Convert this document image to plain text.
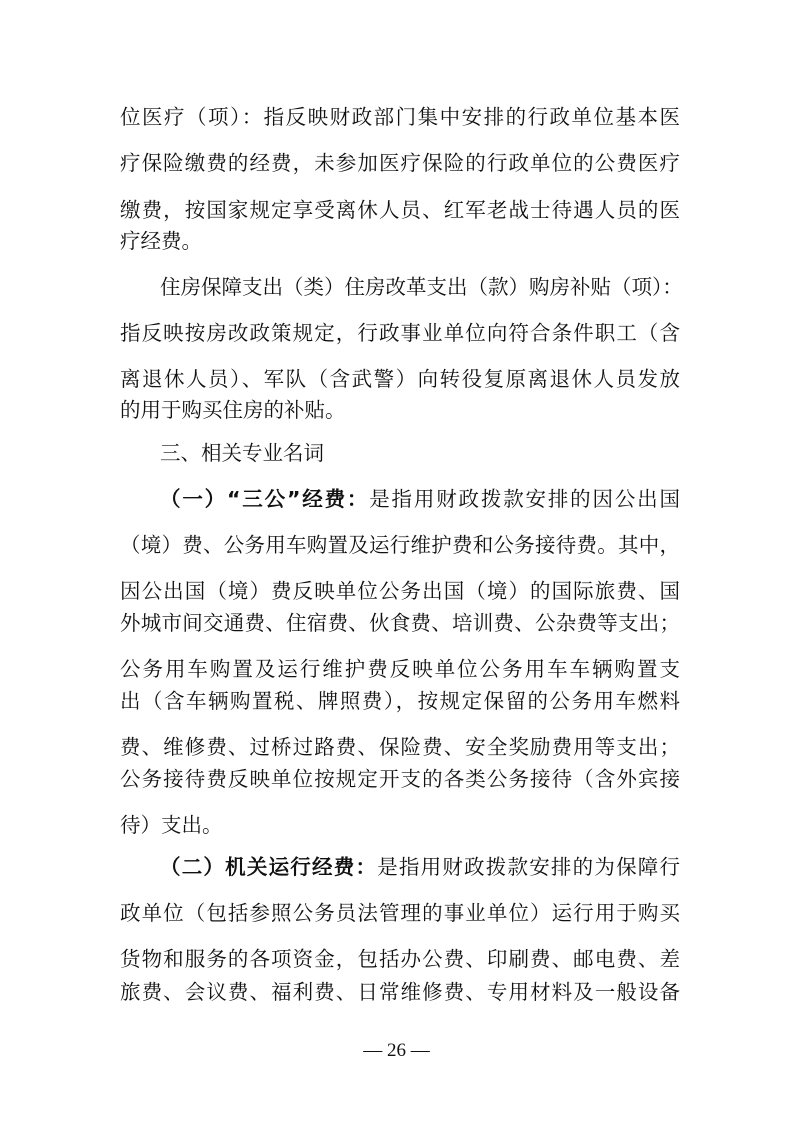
位医疗（项）：指反映财政部门集中安排的行政单位基本医
疗保险缴费的经费，未参加医疗保险的行政单位的公费医疗
缴费，按国家规定享受离休人员、红军老战士待遇人员的医
疗经费。
住房保障支出（类）住房改革支出（款）购房补贴（项）：
指反映按房改政策规定，行政事业单位向符合条件职工（含
离退休人员）、军队（含武警）向转役复原离退休人员发放
的用于购买住房的补贴。
三、相关专业名词
（一）“三公”经费：是指用财政拨款安排的因公出国
（境）费、公务用车购置及运行维护费和公务接待费。其中，
因公出国（境）费反映单位公务出国（境）的国际旅费、国
外城市间交通费、住宿费、伙食费、培训费、公杂费等支出；
公务用车购置及运行维护费反映单位公务用车车辆购置支
出（含车辆购置税、牌照费），按规定保留的公务用车燃料
费、维修费、过桥过路费、保险费、安全奖励费用等支出；
公务接待费反映单位按规定开支的各类公务接待（含外宾接
待）支出。
（二）机关运行经费：是指用财政拨款安排的为保障行
政单位（包括参照公务员法管理的事业单位）运行用于购买
货物和服务的各项资金，包括办公费、印刷费、邮电费、差
旅费、会议费、福利费、日常维修费、专用材料及一般设备
— 26 —
